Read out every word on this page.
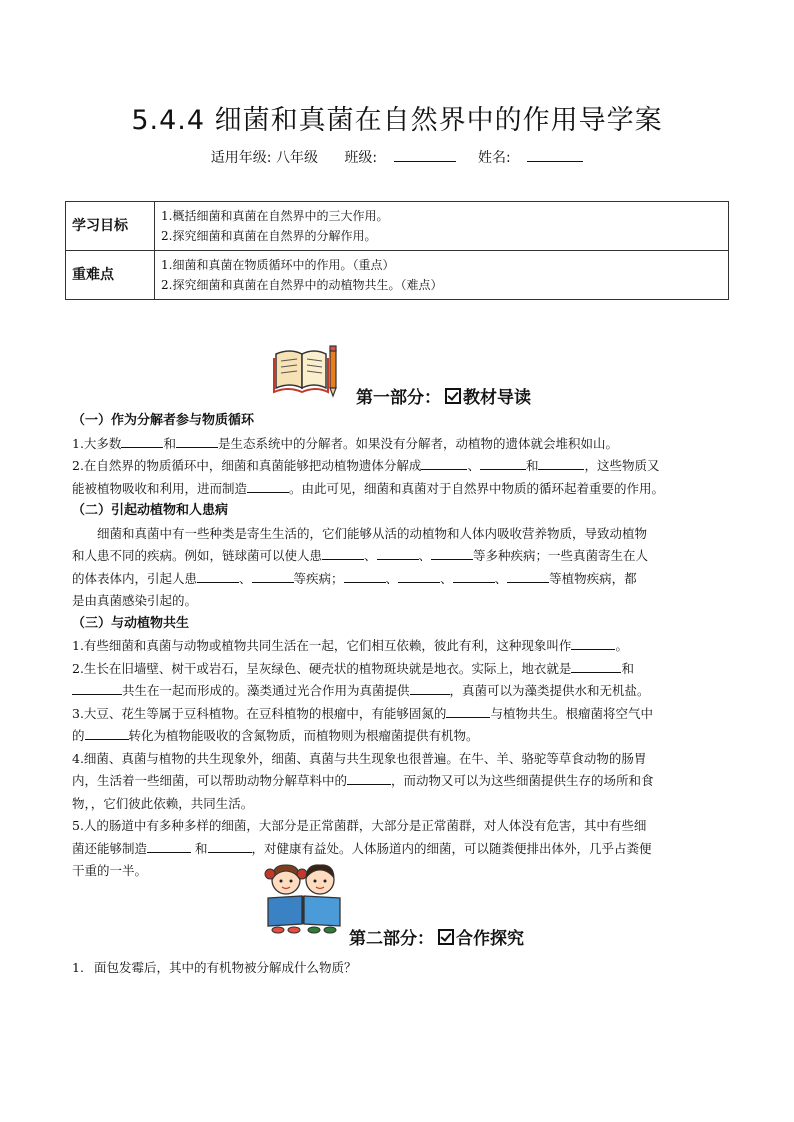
5.4.4 细菌和真菌在自然界中的作用导学案
适用年级: 八年级 班级:	姓名:
学习目标	1.概括细菌和真菌在自然界中的三大作用。
2.探究细菌和真菌在自然界的分解作用。

重难点	1.细菌和真菌在物质循环中的作用。（重点）
2.探究细菌和真菌在自然界中的动植物共生。（难点）
第一部分： 教材导读

（一）作为分解者参与物质循环

1.大多数	和	是生态系统中的分解者。如果没有分解者，动植物的遗体就会堆积如山。

2.在自然界的物质循环中，细菌和真菌能够把动植物遗体分解成	、	和	，这些物质又

能被植物吸收和利用，进而制造	。由此可见，细菌和真菌对于自然界中物质的循环起着重要的作用。

（二）引起动植物和人患病

细菌和真菌中有一些种类是寄生生活的，它们能够从活的动植物和人体内吸收营养物质，导致动植物

和人患不同的疾病。例如，链球菌可以使人患	、	、	等多种疾病；一些真菌寄生在人

的体表体内，引起人患	、	等疾病；	、	、	、	等植物疾病，都

是由真菌感染引起的。

（三）与动植物共生

1.有些细菌和真菌与动物或植物共同生活在一起，它们相互依赖，彼此有利，这种现象叫作	。

2.生长在旧墙壁、树干或岩石，呈灰绿色、硬壳状的植物斑块就是地衣。实际上，地衣就是	和

共生在一起而形成的。藻类通过光合作用为真菌提供	，真菌可以为藻类提供水和无机盐。

3.大豆、花生等属于豆科植物。在豆科植物的根瘤中，有能够固氮的	与植物共生。根瘤菌将空气中

的	转化为植物能吸收的含氮物质，而植物则为根瘤菌提供有机物。

4.细菌、真菌与植物的共生现象外，细菌、真菌与共生现象也很普遍。在牛、羊、骆驼等草食动物的肠胃

内，生活着一些细菌，可以帮助动物分解草料中的	，而动物又可以为这些细菌提供生存的场所和食

物，，它们彼此依赖，共同生活。

5.人的肠道中有多种多样的细菌，大部分是正常菌群，大部分是正常菌群，对人体没有危害，其中有些细

菌还能够制造	和	，对健康有益处。人体肠道内的细菌，可以随粪便排出体外，几乎占粪便

干重的一半。

第二部分： 合作探究
1. 面包发霉后，其中的有机物被分解成什么物质？
